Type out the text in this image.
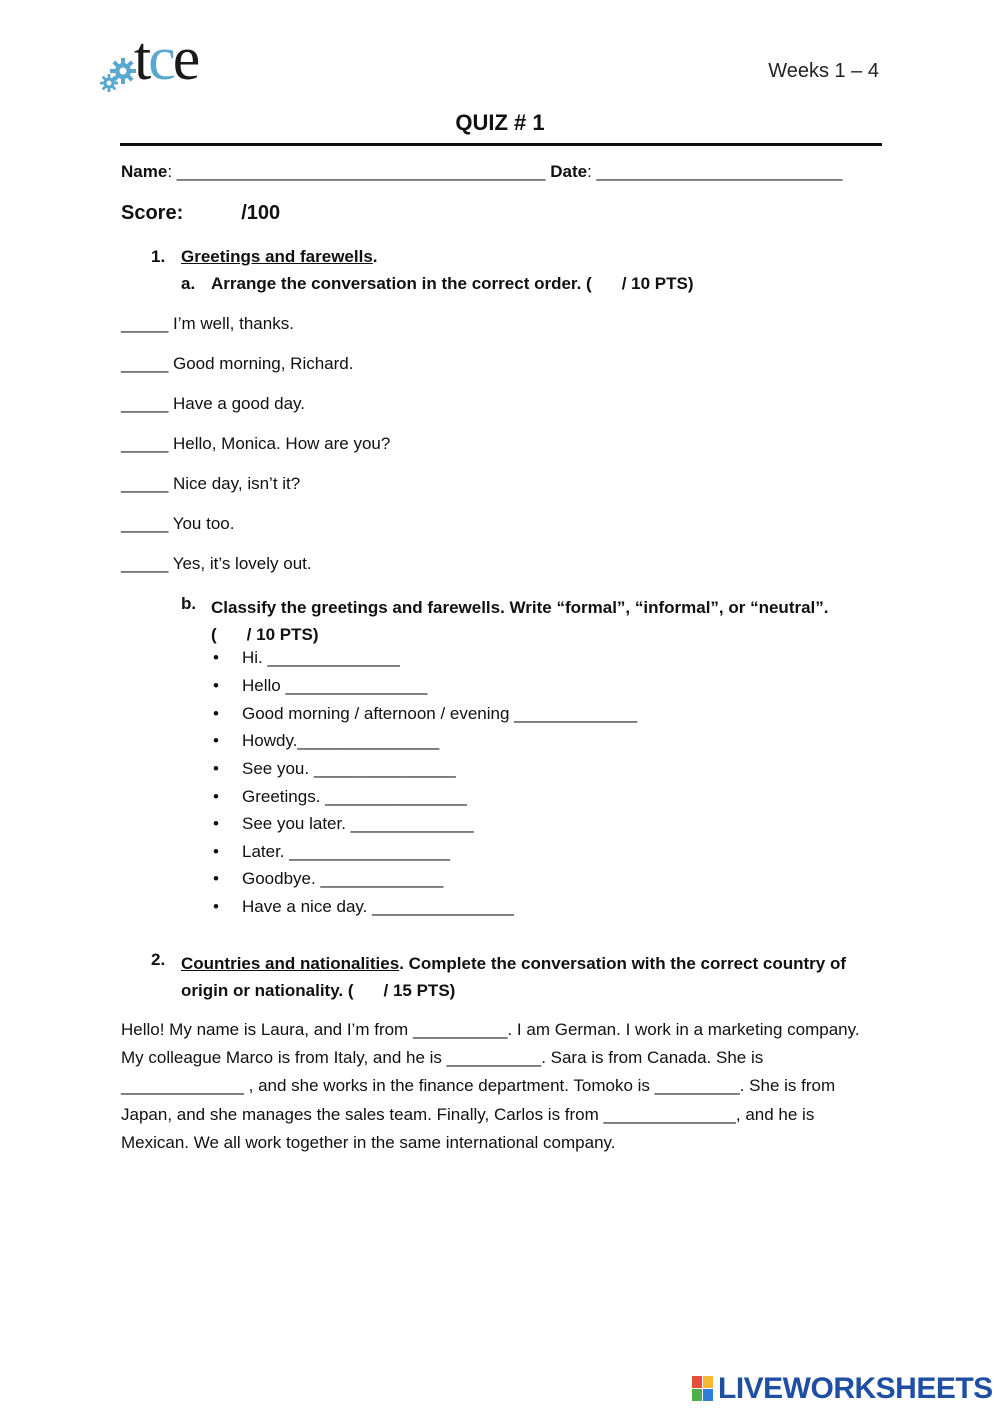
tce	Weeks 1 – 4
QUIZ # 1
Name: _______________________________________ Date: __________________________
Score:	/100
1. Greetings and farewells.
a. Arrange the conversation in the correct order. ( / 10 PTS)
_____ I’m well, thanks.
_____ Good morning, Richard.
_____ Have a good day.
_____ Hello, Monica. How are you?
_____ Nice day, isn’t it?
_____ You too.
_____ Yes, it’s lovely out.
b. Classify the greetings and farewells. Write “formal”, “informal”, or “neutral”.
( / 10 PTS)
• Hi. ______________
• Hello _______________
• Good morning / afternoon / evening _____________
• Howdy._______________
• See you. _______________
• Greetings. _______________
• See you later. _____________
• Later. _________________
• Goodbye. _____________
• Have a nice day. _______________
2. Countries and nationalities. Complete the conversation with the correct country of origin or nationality. ( / 15 PTS)
Hello! My name is Laura, and I’m from __________. I am German. I work in a marketing company. My colleague Marco is from Italy, and he is __________. Sara is from Canada. She is _____________ , and she works in the finance department. Tomoko is _________. She is from Japan, and she manages the sales team. Finally, Carlos is from ______________, and he is Mexican. We all work together in the same international company.
LIVEWORKSHEETS
